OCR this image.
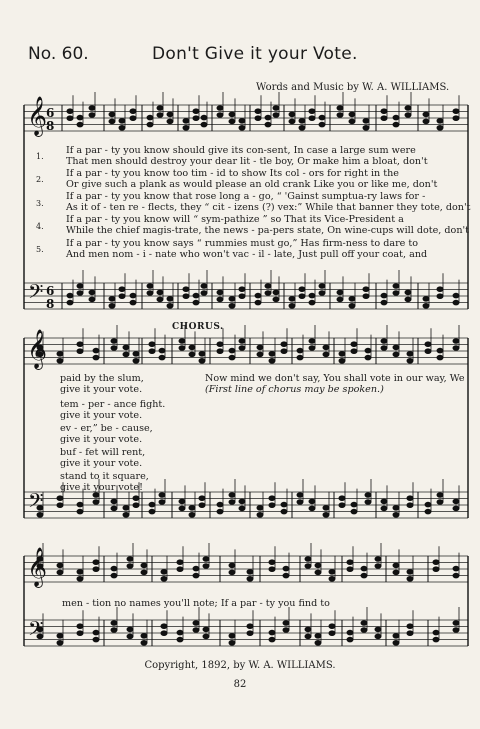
No. 60.	Don't Give it your Vote.
Words and Music by W. A. WILLIAMS.
𝄞
𝄢
𝄞
𝄢
𝄞
𝄢
6
8
6
8
1.
If a par - ty you know should give its con-sent, In case a large sum were
That men should destroy your dear lit - tle boy, Or make him a bloat, don't
2.
If a par - ty you know too tim - id to show Its col - ors for right in the
Or give such a plank as would please an old crank Like you or like me, don't
3.
If a par - ty you know that rose long a - go, “ 'Gainst sumptua-ry laws for -
As it of - ten re - flects, they “ cit - izens (?) vex:” While that banner they tote, don't
4.
If a par - ty you know will “ sym-pathize ” so That its Vice-President a
While the chief magis-trate, the news - pa-pers state, On wine-cups will dote, don't
5.
If a par - ty you know says “ rummies must go,” Has firm-ness to dare to
And men nom - i - nate who won't vac - il - late, Just pull off your coat, and
CHORUS.
paid by the slum,
give it your vote.
tem - per - ance fight.
give it your vote.
ev - er,” be - cause,
give it your vote.
buf - fet will rent,
give it your vote.
stand to it square,
give it your vote!
Now mind we don't say, You shall vote in our way, We
(First line of chorus may be spoken.)
men - tion no names you'll note; If a par - ty you find to
Copyright, 1892, by W. A. WILLIAMS.
82
